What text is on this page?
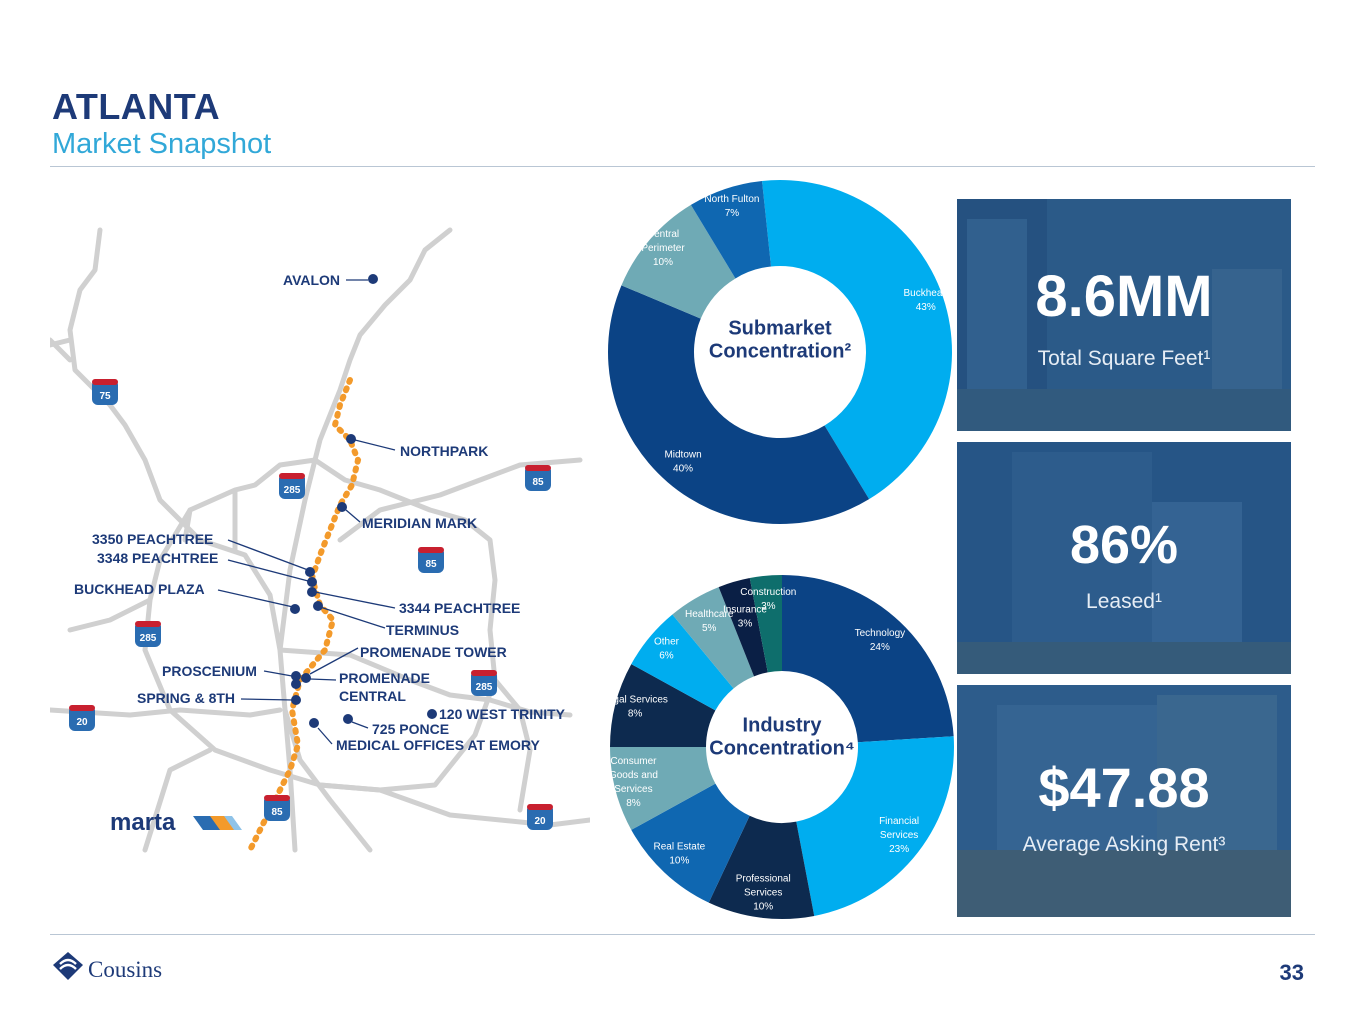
ATLANTA
Market Snapshot
AVALON
NORTHPARK
MERIDIAN MARK
3350 PEACHTREE
3348 PEACHTREE
BUCKHEAD PLAZA
3344 PEACHTREE
TERMINUS
PROMENADE TOWER
PROSCENIUM	PROMENADE
CENTRAL
SPRING & 8TH
120 WEST TRINITY
725 PONCE
MEDICAL OFFICES AT EMORY
75
285
85
85
285
285
20
85
20
marta
Buckhead 43%
Midtown 40%
Central Perimeter 10%
North Fulton 7%
Submarket Concentration²
Technology 24%
Financial Services 23%
Professional Services 10%
Real Estate 10%
Consumer Goods and Services 8%
Legal Services 8%
Other 6%
Healthcare 5%
Insurance 3%
Construction 3%
Industry Concentration⁴
8.6MM
Total Square Feet¹
86%
Leased¹
$47.88
Average Asking Rent³
Cousins	33
